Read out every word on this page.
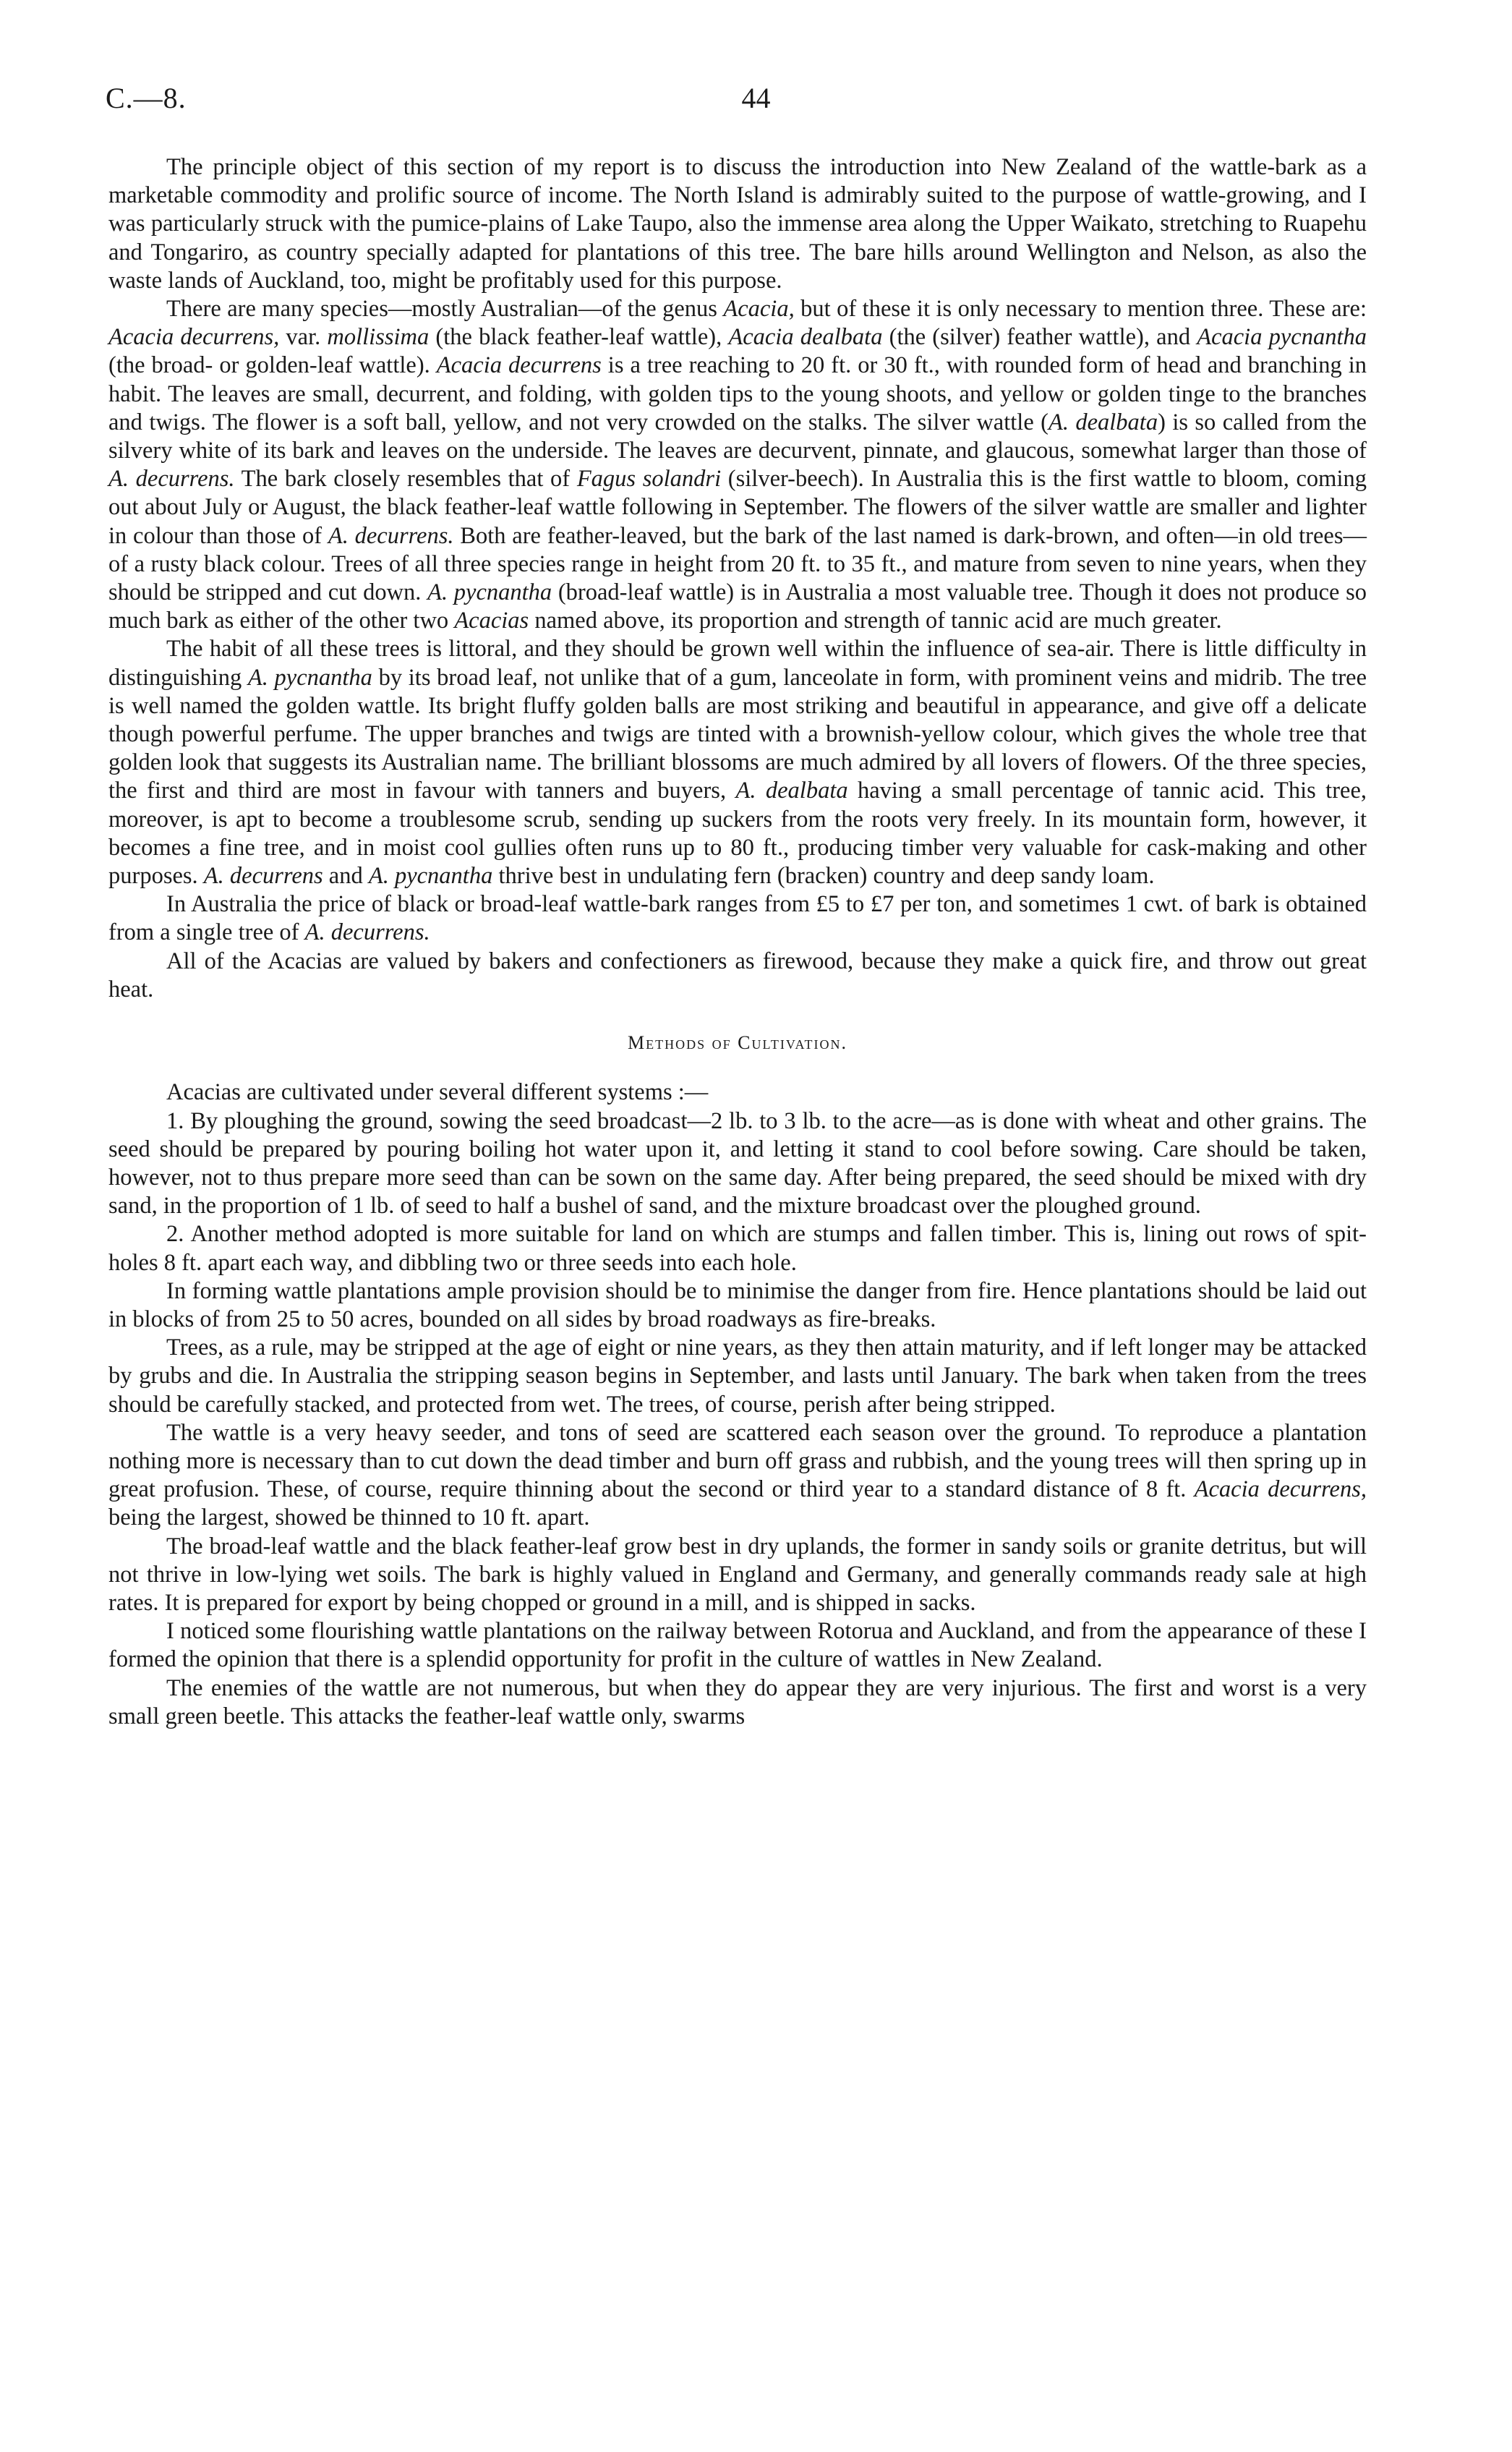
C.—8.	44

The principle object of this section of my report is to discuss the introduction into New Zealand of the wattle-bark as a marketable commodity and prolific source of income. The North Island is admirably suited to the purpose of wattle-growing, and I was particularly struck with the pumice-plains of Lake Taupo, also the immense area along the Upper Waikato, stretching to Ruapehu and Tongariro, as country specially adapted for plantations of this tree. The bare hills around Wellington and Nelson, as also the waste lands of Auckland, too, might be profitably used for this purpose.

There are many species—mostly Australian—of the genus Acacia, but of these it is only necessary to mention three. These are: Acacia decurrens, var. mollissima (the black feather-leaf wattle), Acacia dealbata (the (silver) feather wattle), and Acacia pycnantha (the broad- or golden-leaf wattle). Acacia decurrens is a tree reaching to 20 ft. or 30 ft., with rounded form of head and branching in habit. The leaves are small, decurrent, and folding, with golden tips to the young shoots, and yellow or golden tinge to the branches and twigs. The flower is a soft ball, yellow, and not very crowded on the stalks. The silver wattle (A. dealbata) is so called from the silvery white of its bark and leaves on the underside. The leaves are decurvent, pinnate, and glaucous, somewhat larger than those of A. decurrens. The bark closely resembles that of Fagus solandri (silver-beech). In Australia this is the first wattle to bloom, coming out about July or August, the black feather-leaf wattle following in September. The flowers of the silver wattle are smaller and lighter in colour than those of A. decurrens. Both are feather-leaved, but the bark of the last named is dark-brown, and often—in old trees—of a rusty black colour. Trees of all three species range in height from 20 ft. to 35 ft., and mature from seven to nine years, when they should be stripped and cut down. A. pycnantha (broad-leaf wattle) is in Australia a most valuable tree. Though it does not produce so much bark as either of the other two Acacias named above, its proportion and strength of tannic acid are much greater.

The habit of all these trees is littoral, and they should be grown well within the influence of sea-air. There is little difficulty in distinguishing A. pycnantha by its broad leaf, not unlike that of a gum, lanceolate in form, with prominent veins and midrib. The tree is well named the golden wattle. Its bright fluffy golden balls are most striking and beautiful in appearance, and give off a delicate though powerful perfume. The upper branches and twigs are tinted with a brownish-yellow colour, which gives the whole tree that golden look that suggests its Australian name. The brilliant blossoms are much admired by all lovers of flowers. Of the three species, the first and third are most in favour with tanners and buyers, A. dealbata having a small percentage of tannic acid. This tree, moreover, is apt to become a troublesome scrub, sending up suckers from the roots very freely. In its mountain form, however, it becomes a fine tree, and in moist cool gullies often runs up to 80 ft., producing timber very valuable for cask-making and other purposes. A. decurrens and A. pycnantha thrive best in undulating fern (bracken) country and deep sandy loam.

In Australia the price of black or broad-leaf wattle-bark ranges from £5 to £7 per ton, and sometimes 1 cwt. of bark is obtained from a single tree of A. decurrens.

All of the Acacias are valued by bakers and confectioners as firewood, because they make a quick fire, and throw out great heat.

Methods of Cultivation.

Acacias are cultivated under several different systems :—

1. By ploughing the ground, sowing the seed broadcast—2 lb. to 3 lb. to the acre—as is done with wheat and other grains. The seed should be prepared by pouring boiling hot water upon it, and letting it stand to cool before sowing. Care should be taken, however, not to thus prepare more seed than can be sown on the same day. After being prepared, the seed should be mixed with dry sand, in the proportion of 1 lb. of seed to half a bushel of sand, and the mixture broadcast over the ploughed ground.

2. Another method adopted is more suitable for land on which are stumps and fallen timber. This is, lining out rows of spit-holes 8 ft. apart each way, and dibbling two or three seeds into each hole.

In forming wattle plantations ample provision should be to minimise the danger from fire. Hence plantations should be laid out in blocks of from 25 to 50 acres, bounded on all sides by broad roadways as fire-breaks.

Trees, as a rule, may be stripped at the age of eight or nine years, as they then attain maturity, and if left longer may be attacked by grubs and die. In Australia the stripping season begins in September, and lasts until January. The bark when taken from the trees should be carefully stacked, and protected from wet. The trees, of course, perish after being stripped.

The wattle is a very heavy seeder, and tons of seed are scattered each season over the ground. To reproduce a plantation nothing more is necessary than to cut down the dead timber and burn off grass and rubbish, and the young trees will then spring up in great profusion. These, of course, require thinning about the second or third year to a standard distance of 8 ft. Acacia decurrens, being the largest, showed be thinned to 10 ft. apart.

The broad-leaf wattle and the black feather-leaf grow best in dry uplands, the former in sandy soils or granite detritus, but will not thrive in low-lying wet soils. The bark is highly valued in England and Germany, and generally commands ready sale at high rates. It is prepared for export by being chopped or ground in a mill, and is shipped in sacks.

I noticed some flourishing wattle plantations on the railway between Rotorua and Auckland, and from the appearance of these I formed the opinion that there is a splendid opportunity for profit in the culture of wattles in New Zealand.

The enemies of the wattle are not numerous, but when they do appear they are very injurious. The first and worst is a very small green beetle. This attacks the feather-leaf wattle only, swarms
